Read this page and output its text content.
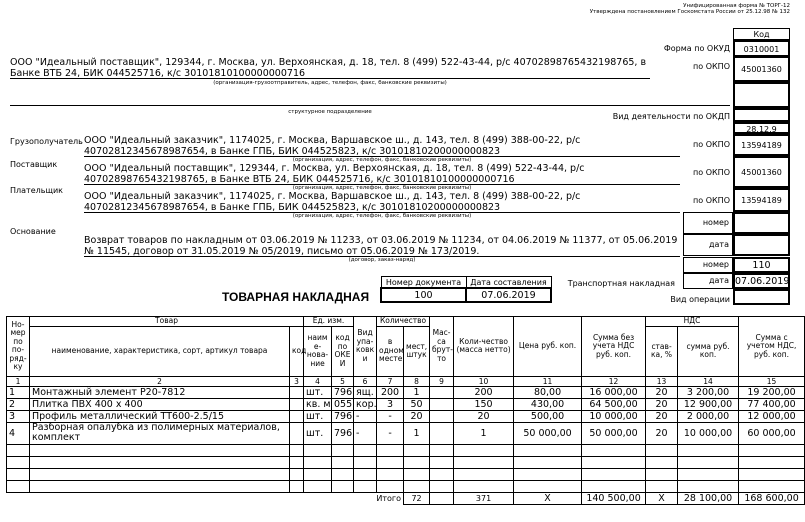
Унифицированная форма № ТОРГ-12
Утверждена постановлением Госкомстата России от 25.12.98 № 132
Код
Форма по ОКУД	0310001
по ОКПО	45001360
Вид деятельности по ОКДП
28.12.9
по ОКПО	13594189
по ОКПО	45001360
по ОКПО	13594189
номер
дата
номер	110
Транспортная накладная	дата 07.06.2019
Вид операции
ООО "Идеальный поставщик", 129344, г. Москва, ул. Верхоянская, д. 18, тел. 8 (499) 522-43-44, р/с 40702898765432198765, в Банке ВТБ 24, БИК 044525716, к/с 30101810100000000716
(организация-грузоотправитель, адрес, телефон, факс, банковские реквизиты)
структурное подразделение
Грузополучатель ООО "Идеальный заказчик", 1174025, г. Москва, Варшавское ш., д. 143, тел. 8 (499) 388-00-22, р/с 40702812345678987654, в Банке ГПБ, БИК 044525823, к/с 30101810200000000823
(организация, адрес, телефон, факс, банковские реквизиты)
Поставщик	ООО "Идеальный поставщик", 129344, г. Москва, ул. Верхоянская, д. 18, тел. 8 (499) 522-43-44, р/с 40702898765432198765, в Банке ВТБ 24, БИК 044525716, к/с 30101810100000000716
(организация, адрес, телефон, факс, банковские реквизиты)
Плательщик
ООО "Идеальный заказчик", 1174025, г. Москва, Варшавское ш., д. 143, тел. 8 (499) 388-00-22, р/с 40702812345678987654, в Банке ГПБ, БИК 044525823, к/с 30101810200000000823
(организация, адрес, телефон, факс, банковские реквизиты)
Основание
Возврат товаров по накладным от 03.06.2019 № 11233, от 03.06.2019 № 11234, от 04.06.2019 № 11377, от 05.06.2019 № 11545, договор от 31.05.2019 № 05/2019, письмо от 05.06.2019 № 173/2019.
(договор, заказ-наряд)
ТОВАРНАЯ НАКЛАДНАЯ
Номер документа	Дата составления
100	07.06.2019
Но-мер по по-ряд-ку	Товар		Ед. изм.		Вид упа-ковк и	Количество		Мас-са брут-то	Коли-чество (масса нетто)	Цена руб. коп.	Сумма без учета НДС руб. коп.	НДС		Сумма с учетом НДС, руб. коп.
	наименование, характеристика, сорт, артикул товара	код	наим е-нова-ние	код по ОКЕ И		в одном месте	мест, штук					став-ка, %	сумма руб. коп.	
1	2	3	4	5	6	7	8	9	10	11	12	13	14	15
1	Монтажный элемент Р20-7812		шт.	796	ящ.	200	1		200	80,00	16 000,00	20	3 200,00	19 200,00
2	Плитка ПВХ 400 х 400		кв. м	055	кор.	3	50		150	430,00	64 500,00	20	12 900,00	77 400,00
3	Профиль металлический ТТ600-2.5/15		шт.	796	-	-	20		20	500,00	10 000,00	20	2 000,00	12 000,00
4	Разборная опалубка из полимерных материалов, комплект		шт.	796	-	-	1		1	50 000,00	50 000,00	20	10 000,00	60 000,00

Итого							72		371	X	140 500,00	X	28 100,00	168 600,00
